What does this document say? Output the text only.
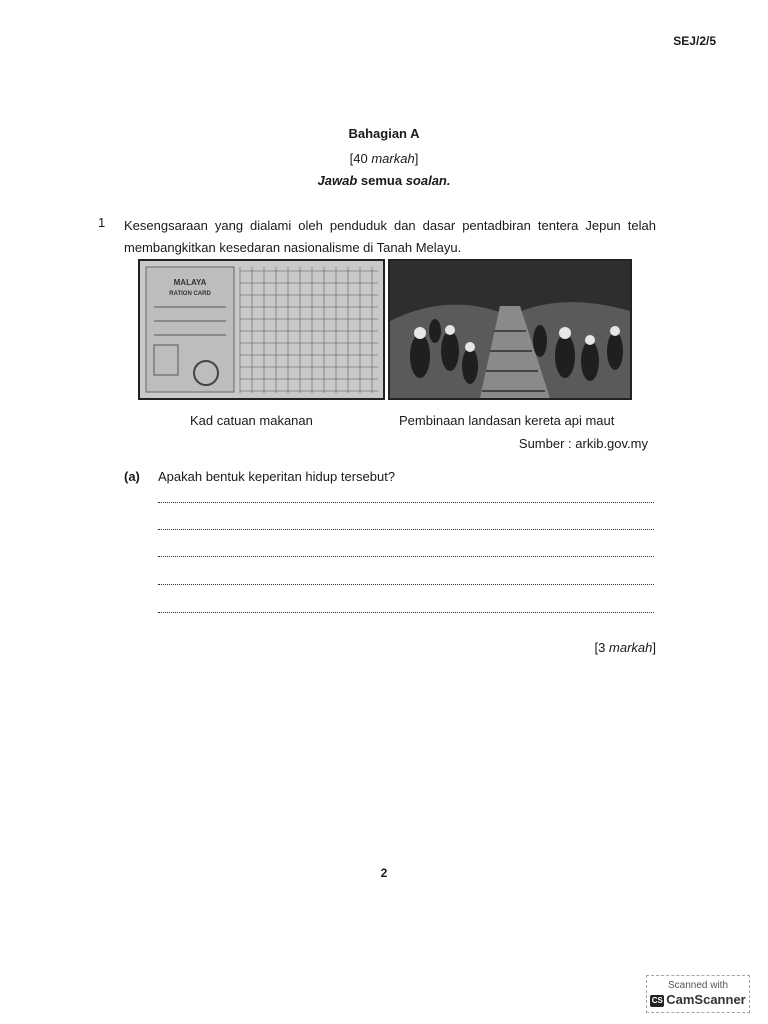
SEJ/2/5
Bahagian A
[40 markah]
Jawab semua soalan.
1 Kesengsaraan yang dialami oleh penduduk dan dasar pentadbiran tentera Jepun telah membangkitkan kesedaran nasionalisme di Tanah Melayu.
MALAYA
RATION CARD
Kad catuan makanan	Pembinaan landasan kereta api maut
Sumber : arkib.gov.my
(a) Apakah bentuk keperitan hidup tersebut?
[3 markah]
2
Scanned with
CS CamScanner
